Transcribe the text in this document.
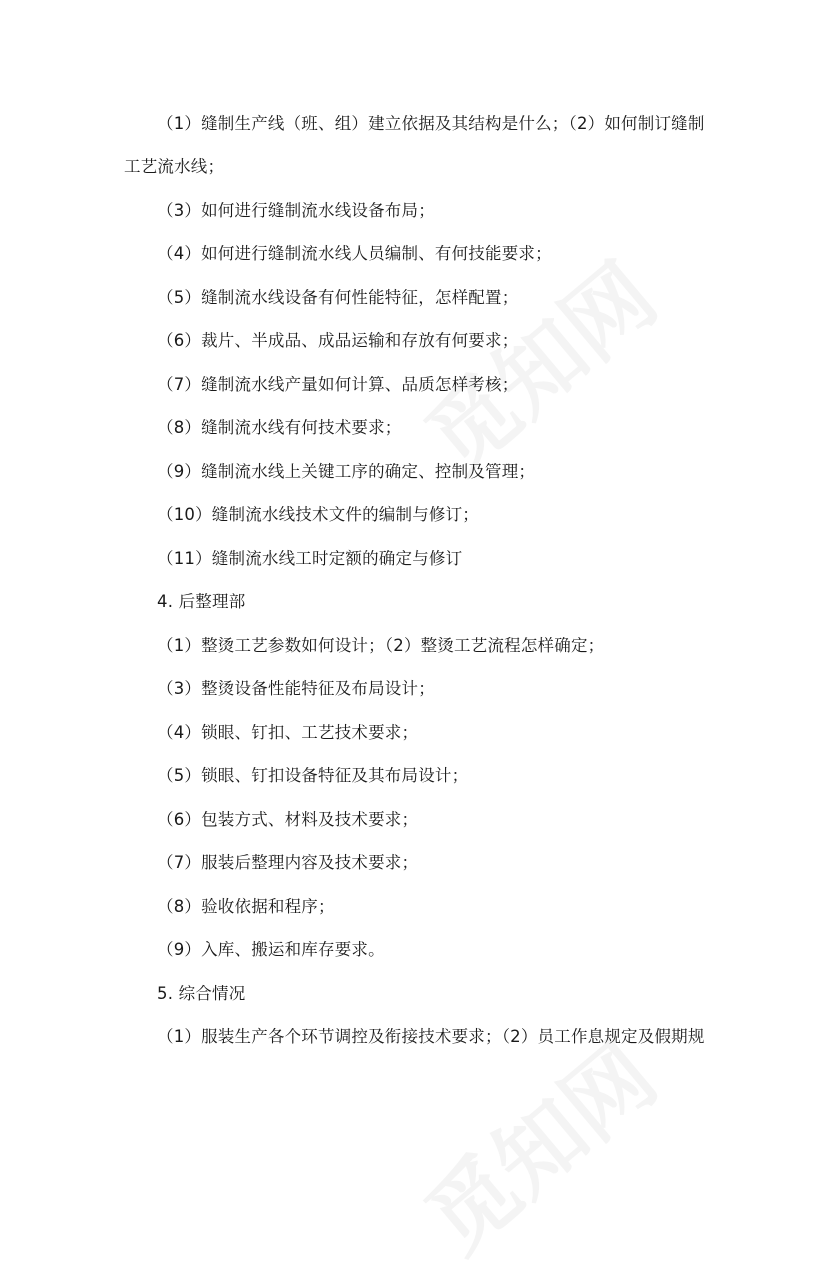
（1）缝制生产线（班、组）建立依据及其结构是什么；（2）如何制订缝制
工艺流水线；
（3）如何进行缝制流水线设备布局；
（4）如何进行缝制流水线人员编制、有何技能要求；
（5）缝制流水线设备有何性能特征，怎样配置；
（6）裁片、半成品、成品运输和存放有何要求；
（7）缝制流水线产量如何计算、品质怎样考核；
（8）缝制流水线有何技术要求；
（9）缝制流水线上关键工序的确定、控制及管理；
（10）缝制流水线技术文件的编制与修订；
（11）缝制流水线工时定额的确定与修订
4. 后整理部
（1）整烫工艺参数如何设计；（2）整烫工艺流程怎样确定；
（3）整烫设备性能特征及布局设计；
（4）锁眼、钉扣、工艺技术要求；
（5）锁眼、钉扣设备特征及其布局设计；
（6）包装方式、材料及技术要求；
（7）服装后整理内容及技术要求；
（8）验收依据和程序；
（9）入库、搬运和库存要求。
5. 综合情况
（1）服装生产各个环节调控及衔接技术要求；（2）员工作息规定及假期规
